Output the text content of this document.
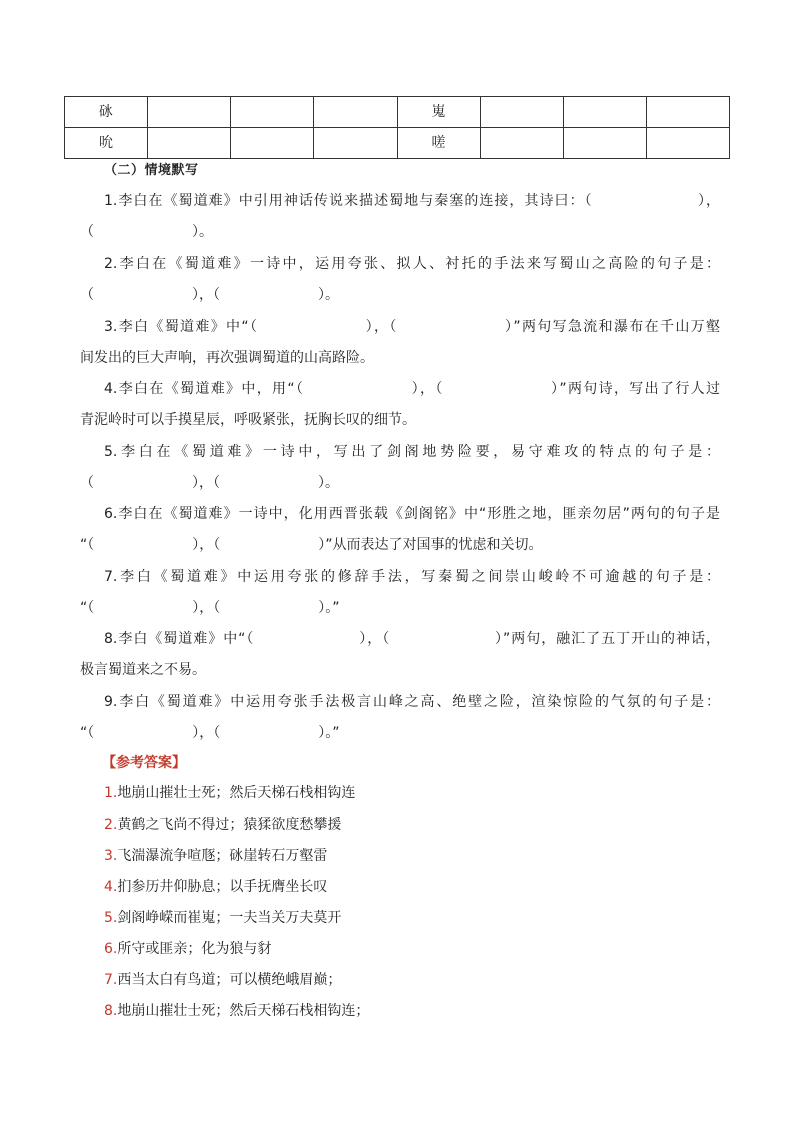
砯				嵬			
吮				嗟			
（二）情境默写
1.李白在《蜀道难》中引用神话传说来描述蜀地与秦塞的连接，其诗曰：（　　　　　　　），
（　　　　　　　）。
2.李白在《蜀道难》一诗中，运用夸张、拟人、衬托的手法来写蜀山之高险的句子是：
（　　　　　　　），（　　　　　　　）。
3.李白《蜀道难》中“（　　　　　　　），（　　　　　　　）”两句写急流和瀑布在千山万壑
间发出的巨大声响，再次强调蜀道的山高路险。
4.李白在《蜀道难》中，用“（　　　　　　　），（　　　　　　　）”两句诗，写出了行人过
青泥岭时可以手摸星辰，呼吸紧张，抚胸长叹的细节。
5.李白在《蜀道难》一诗中，写出了剑阁地势险要，易守难攻的特点的句子是：
（　　　　　　　），（　　　　　　　）。
6.李白在《蜀道难》一诗中，化用西晋张载《剑阁铭》中“形胜之地，匪亲勿居”两句的句子是
“（　　　　　　　），（　　　　　　　）”从而表达了对国事的忧虑和关切。
7.李白《蜀道难》中运用夸张的修辞手法，写秦蜀之间崇山峻岭不可逾越的句子是：
“（　　　　　　　），（　　　　　　　）。”
8.李白《蜀道难》中“（　　　　　　　），（　　　　　　　）”两句，融汇了五丁开山的神话，
极言蜀道来之不易。
9.李白《蜀道难》中运用夸张手法极言山峰之高、绝壁之险，渲染惊险的气氛的句子是：
“（　　　　　　　），（　　　　　　　）。”
【参考答案】
1.地崩山摧壮士死；然后天梯石栈相钩连
2.黄鹤之飞尚不得过；猿猱欲度愁攀援
3.飞湍瀑流争喧豗；砯崖转石万壑雷
4.扪参历井仰胁息；以手抚膺坐长叹
5.剑阁峥嵘而崔嵬；一夫当关万夫莫开
6.所守或匪亲；化为狼与豺
7.西当太白有鸟道；可以横绝峨眉巅；
8.地崩山摧壮士死；然后天梯石栈相钩连；
